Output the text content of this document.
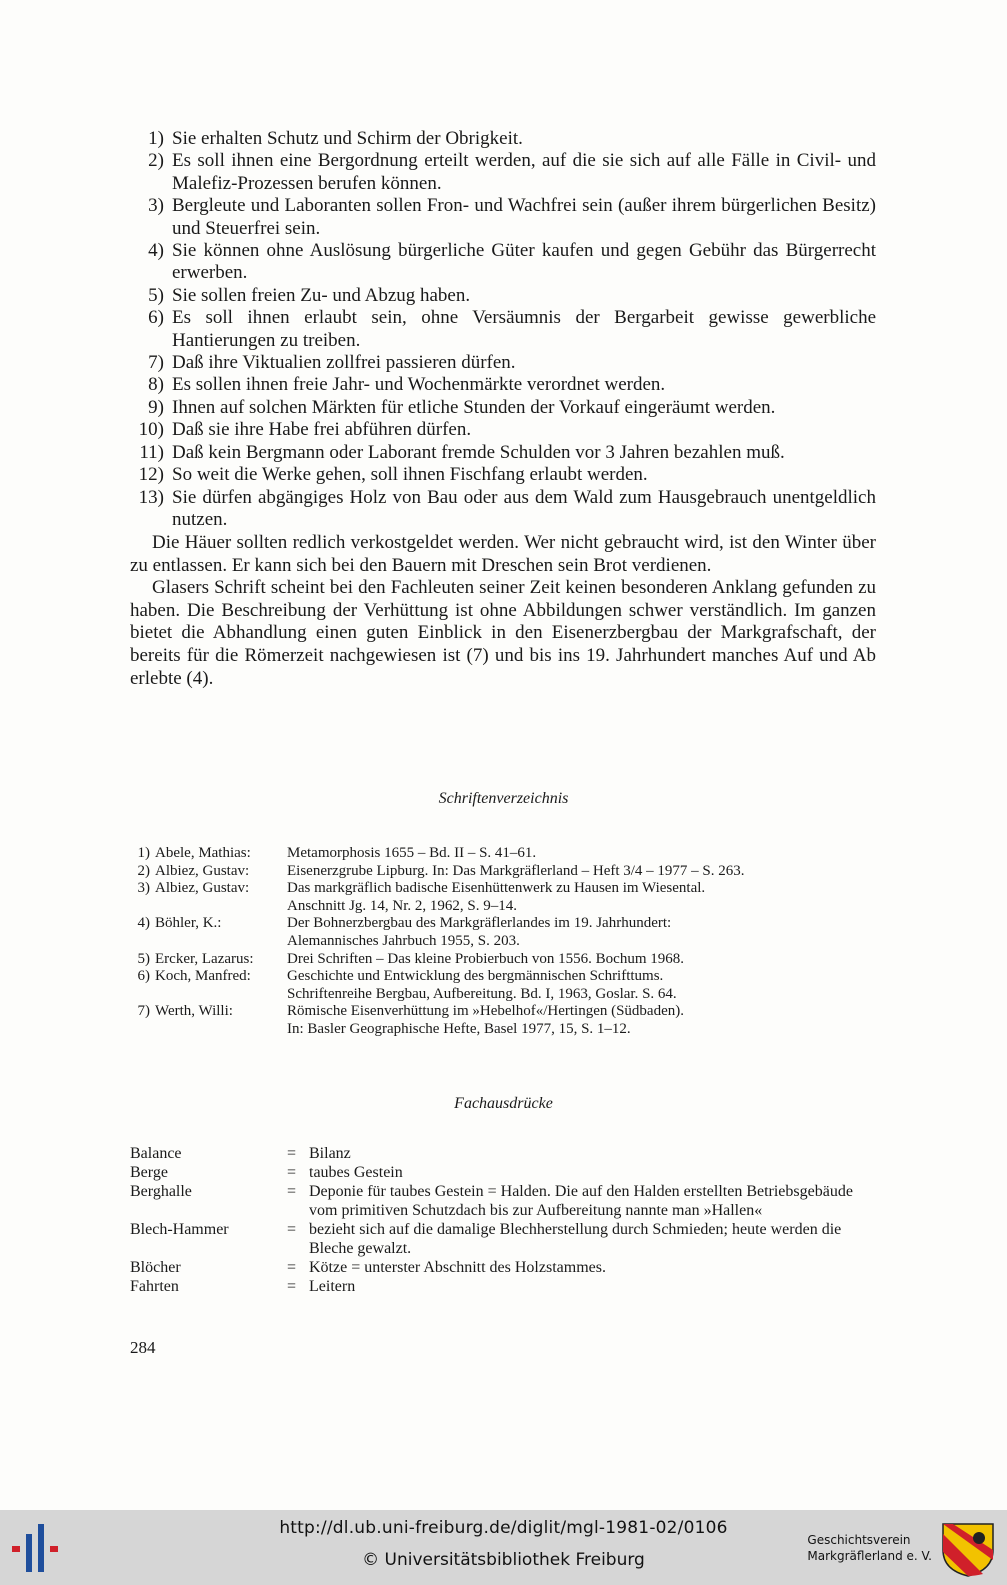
1) Sie erhalten Schutz und Schirm der Obrigkeit.
2) Es soll ihnen eine Bergordnung erteilt werden, auf die sie sich auf alle Fälle in Civil- und Malefiz-Prozessen berufen können.
3) Bergleute und Laboranten sollen Fron- und Wachfrei sein (außer ihrem bürgerlichen Besitz) und Steuerfrei sein.
4) Sie können ohne Auslösung bürgerliche Güter kaufen und gegen Gebühr das Bürgerrecht erwerben.
5) Sie sollen freien Zu- und Abzug haben.
6) Es soll ihnen erlaubt sein, ohne Versäumnis der Bergarbeit gewisse gewerbliche Hantierungen zu treiben.
7) Daß ihre Viktualien zollfrei passieren dürfen.
8) Es sollen ihnen freie Jahr- und Wochenmärkte verordnet werden.
9) Ihnen auf solchen Märkten für etliche Stunden der Vorkauf eingeräumt werden.
10) Daß sie ihre Habe frei abführen dürfen.
11) Daß kein Bergmann oder Laborant fremde Schulden vor 3 Jahren bezahlen muß.
12) So weit die Werke gehen, soll ihnen Fischfang erlaubt werden.
13) Sie dürfen abgängiges Holz von Bau oder aus dem Wald zum Hausgebrauch unentgeldlich nutzen.

Die Häuer sollten redlich verkostgeldet werden. Wer nicht gebraucht wird, ist den Winter über zu entlassen. Er kann sich bei den Bauern mit Dreschen sein Brot verdienen.

Glasers Schrift scheint bei den Fachleuten seiner Zeit keinen besonderen Anklang gefunden zu haben. Die Beschreibung der Verhüttung ist ohne Abbildungen schwer verständlich. Im ganzen bietet die Abhandlung einen guten Einblick in den Eisenerzbergbau der Markgrafschaft, der bereits für die Römerzeit nachgewiesen ist (7) und bis ins 19. Jahrhundert manches Auf und Ab erlebte (4).

Schriftenverzeichnis
1) Abele, Mathias:	Metamorphosis 1655 – Bd. II – S. 41–61.
2) Albiez, Gustav:	Eisenerzgrube Lipburg. In: Das Markgräflerland – Heft 3/4 – 1977 – S. 263.
3) Albiez, Gustav:	Das markgräflich badische Eisenhüttenwerk zu Hausen im Wiesental.
Anschnitt Jg. 14, Nr. 2, 1962, S. 9–14.
4) Böhler, K.:	Der Bohnerzbergbau des Markgräflerlandes im 19. Jahrhundert:
Alemannisches Jahrbuch 1955, S. 203.
5) Ercker, Lazarus:	Drei Schriften – Das kleine Probierbuch von 1556. Bochum 1968.
6) Koch, Manfred:	Geschichte und Entwicklung des bergmännischen Schrifttums.
Schriftenreihe Bergbau, Aufbereitung. Bd. I, 1963, Goslar. S. 64.
7) Werth, Willi:	Römische Eisenverhüttung im »Hebelhof«/Hertingen (Südbaden).
In: Basler Geographische Hefte, Basel 1977, 15, S. 1–12.
Fachausdrücke
Balance	= Bilanz
Berge	= taubes Gestein
Berghalle	= Deponie für taubes Gestein = Halden. Die auf den Halden erstellten Betriebsgebäude vom primitiven Schutzdach bis zur Aufbereitung nannte man »Hallen«
Blech-Hammer	= bezieht sich auf die damalige Blechherstellung durch Schmieden; heute werden die Bleche gewalzt.
Blöcher	= Kötze = unterster Abschnitt des Holzstammes.
Fahrten	= Leitern
284
http://dl.ub.uni-freiburg.de/diglit/mgl-1981-02/0106
© Universitätsbibliothek Freiburg
Geschichtsverein
Markgräflerland e. V.
